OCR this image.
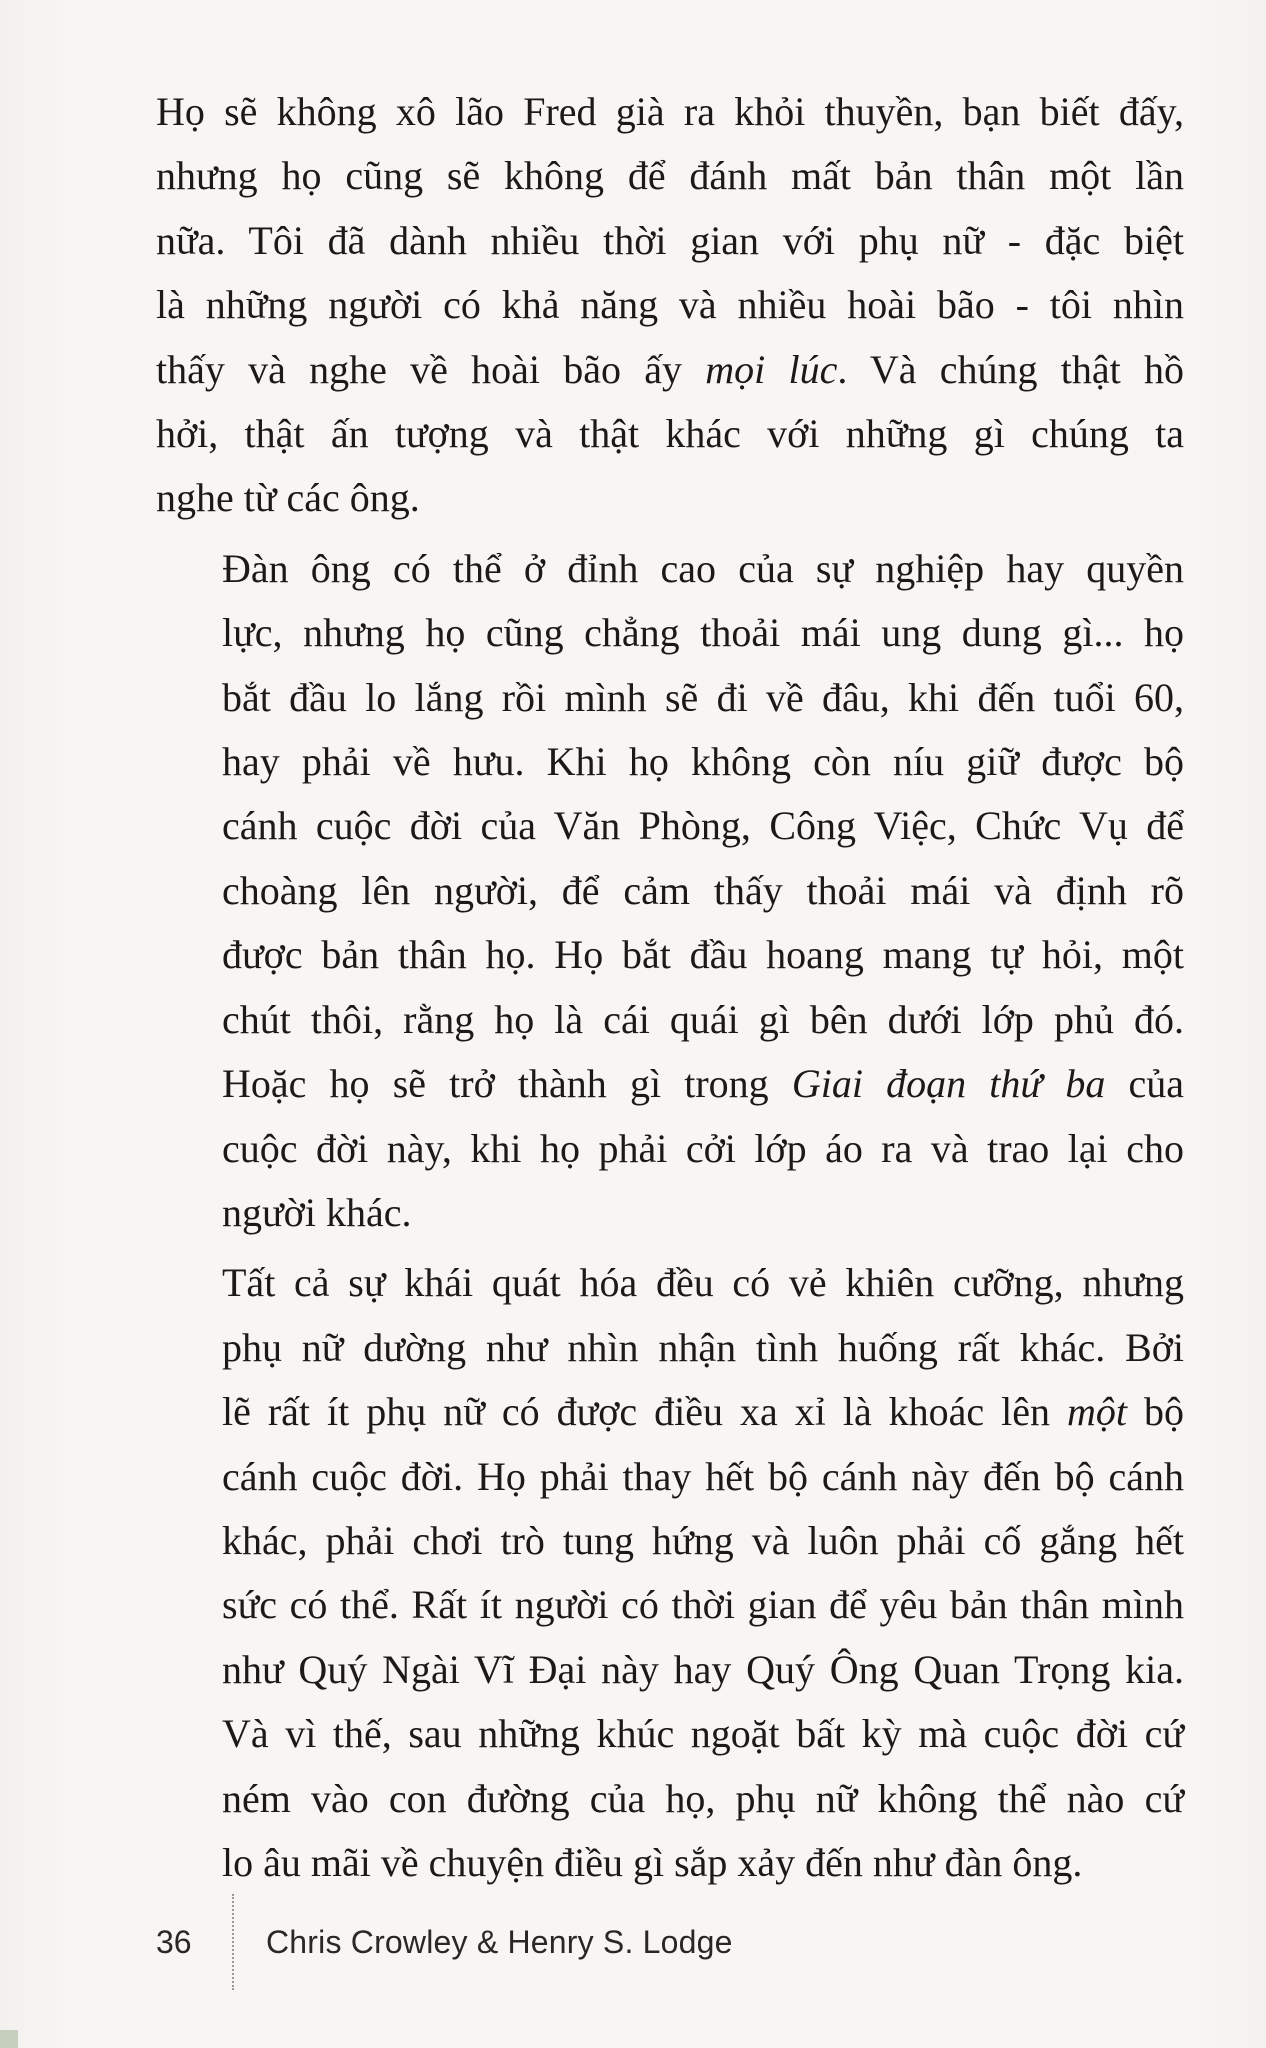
Họ sẽ không xô lão Fred già ra khỏi thuyền, bạn biết đấy,
nhưng họ cũng sẽ không để đánh mất bản thân một lần
nữa. Tôi đã dành nhiều thời gian với phụ nữ - đặc biệt
là những người có khả năng và nhiều hoài bão - tôi nhìn
thấy và nghe về hoài bão ấy mọi lúc. Và chúng thật hồ
hởi, thật ấn tượng và thật khác với những gì chúng ta
nghe từ các ông.
Đàn ông có thể ở đỉnh cao của sự nghiệp hay quyền
lực, nhưng họ cũng chẳng thoải mái ung dung gì... họ
bắt đầu lo lắng rồi mình sẽ đi về đâu, khi đến tuổi 60,
hay phải về hưu. Khi họ không còn níu giữ được bộ
cánh cuộc đời của Văn Phòng, Công Việc, Chức Vụ để
choàng lên người, để cảm thấy thoải mái và định rõ
được bản thân họ. Họ bắt đầu hoang mang tự hỏi, một
chút thôi, rằng họ là cái quái gì bên dưới lớp phủ đó.
Hoặc họ sẽ trở thành gì trong Giai đoạn thứ ba của
cuộc đời này, khi họ phải cởi lớp áo ra và trao lại cho
người khác.
Tất cả sự khái quát hóa đều có vẻ khiên cưỡng, nhưng
phụ nữ dường như nhìn nhận tình huống rất khác. Bởi
lẽ rất ít phụ nữ có được điều xa xỉ là khoác lên một bộ
cánh cuộc đời. Họ phải thay hết bộ cánh này đến bộ cánh
khác, phải chơi trò tung hứng và luôn phải cố gắng hết
sức có thể. Rất ít người có thời gian để yêu bản thân mình
như Quý Ngài Vĩ Đại này hay Quý Ông Quan Trọng kia.
Và vì thế, sau những khúc ngoặt bất kỳ mà cuộc đời cứ
ném vào con đường của họ, phụ nữ không thể nào cứ
lo âu mãi về chuyện điều gì sắp xảy đến như đàn ông.
36	Chris Crowley & Henry S. Lodge
